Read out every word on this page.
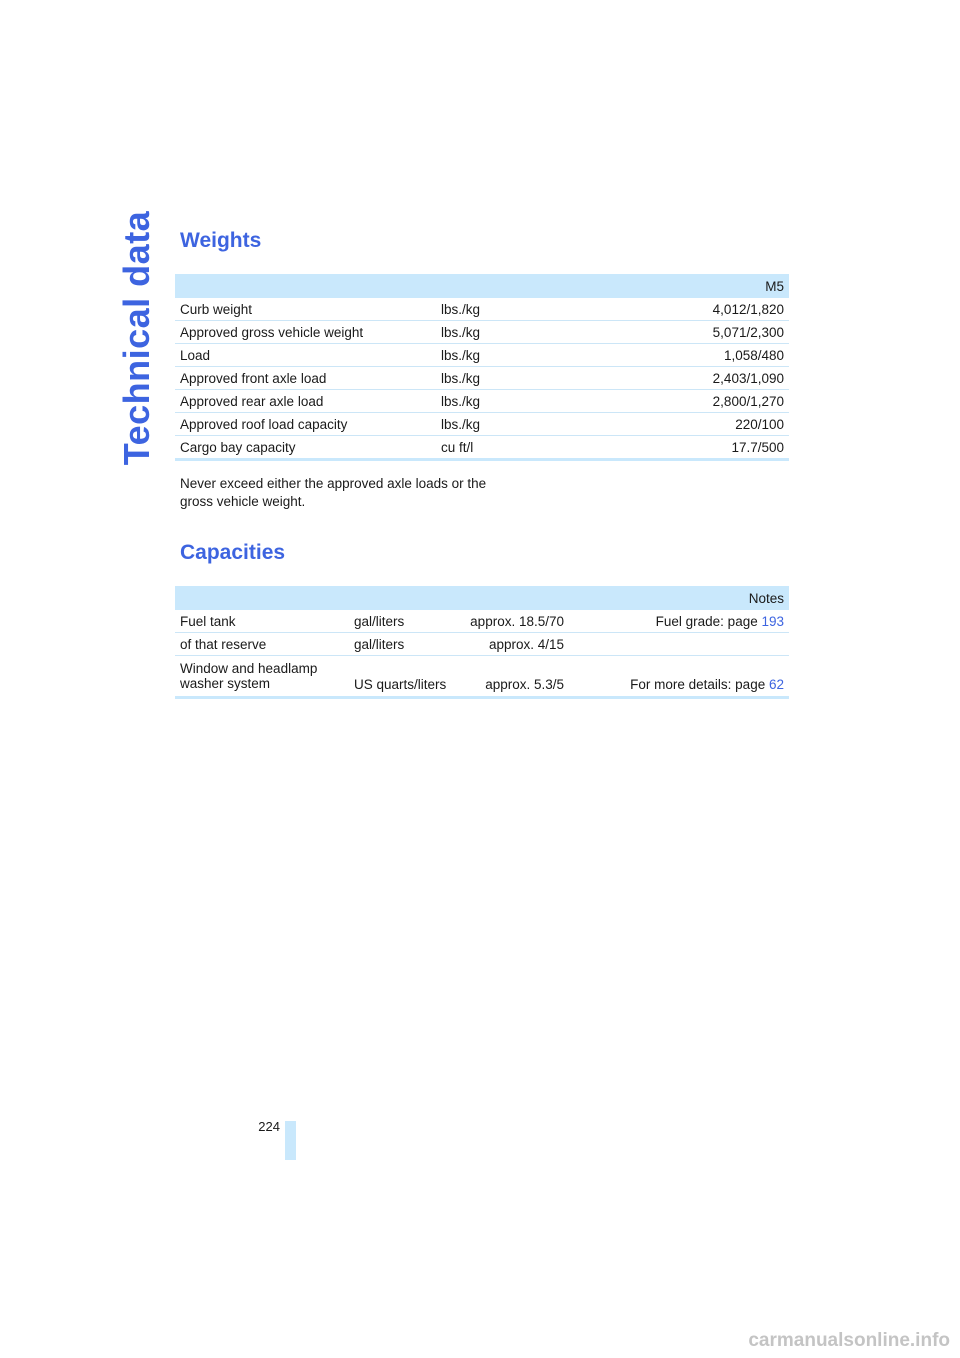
Technical data Weights
		M5
Curb weight	lbs./kg	4,012/1,820
Approved gross vehicle weight	lbs./kg	5,071/2,300
Load	lbs./kg	1,058/480
Approved front axle load	lbs./kg	2,403/1,090
Approved rear axle load	lbs./kg	2,800/1,270
Approved roof load capacity	lbs./kg	220/100
Cargo bay capacity	cu ft/l	17.7/500

Never exceed either the approved axle loads or the gross vehicle weight.

Capacities
			Notes
Fuel tank	gal/liters	approx. 18.5/70	Fuel grade: page 193
of that reserve	gal/liters	approx. 4/15	

Window and headlamp
washer system	US quarts/liters	approx. 5.3/5	For more details: page 62
224
carmanualsonline.info
